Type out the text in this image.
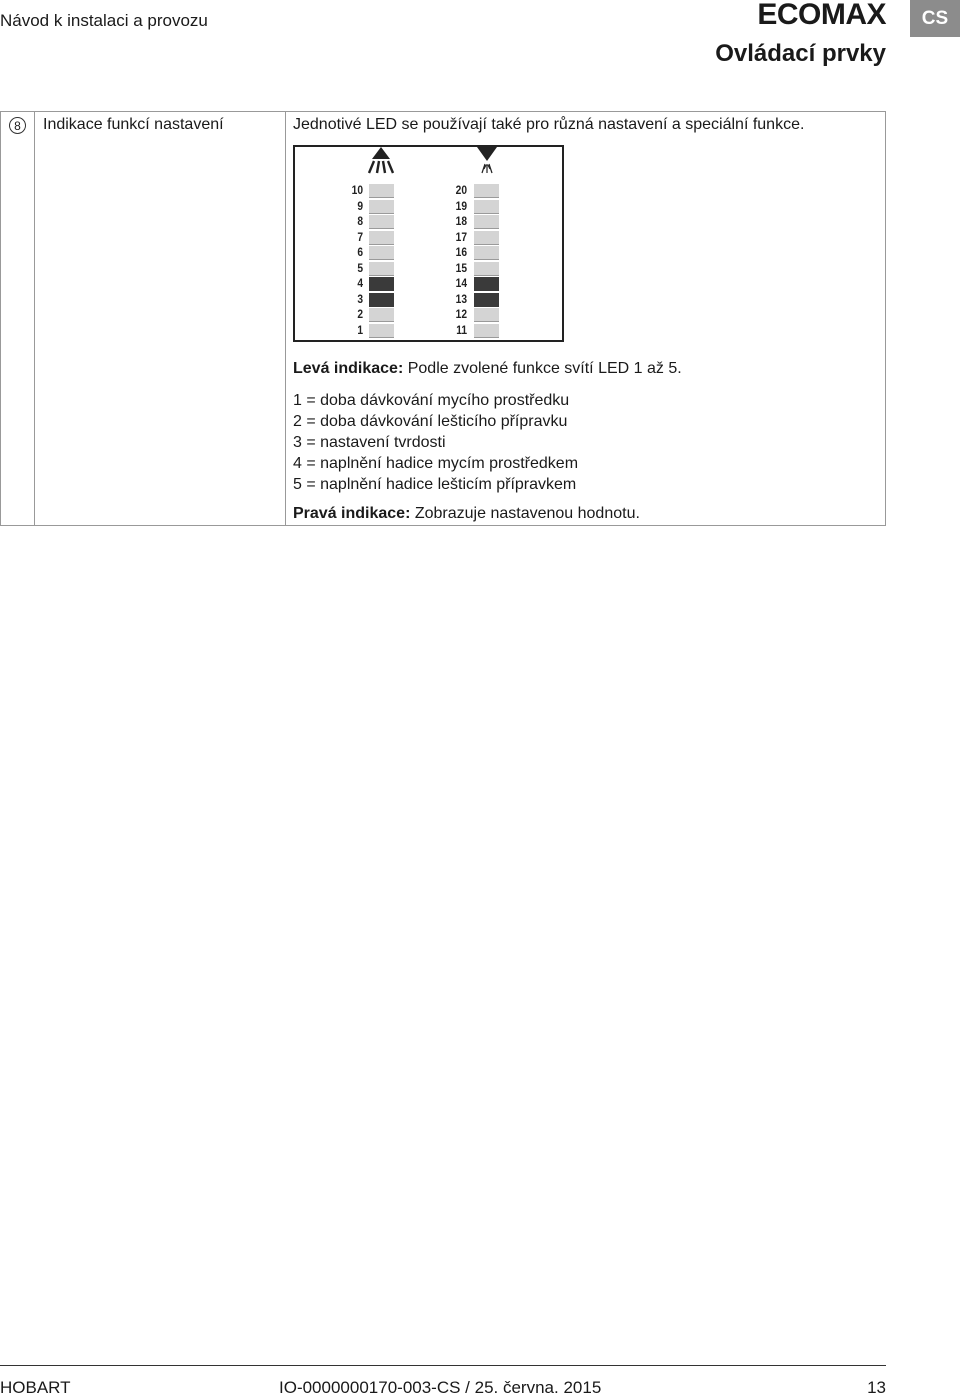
Návod k instalaci a provozu	ECOMAX
Ovládací prvky
CS
8	Indikace funkcí nastavení	Jednotivé LED se používají také pro různá nastavení a speciální funkce.
10
9
8
7
6
5
4
3
2
1
20
19
18
17
16
15
14
13
12
11
Levá indikace: Podle zvolené funkce svítí LED 1 až 5.
1 = doba dávkování mycího prostředku
2 = doba dávkování lešticího přípravku
3 = nastavení tvrdosti
4 = naplnění hadice mycím prostředkem
5 = naplnění hadice lešticím přípravkem
Pravá indikace: Zobrazuje nastavenou hodnotu.
HOBART	IO-0000000170-003-CS / 25. června. 2015	13
